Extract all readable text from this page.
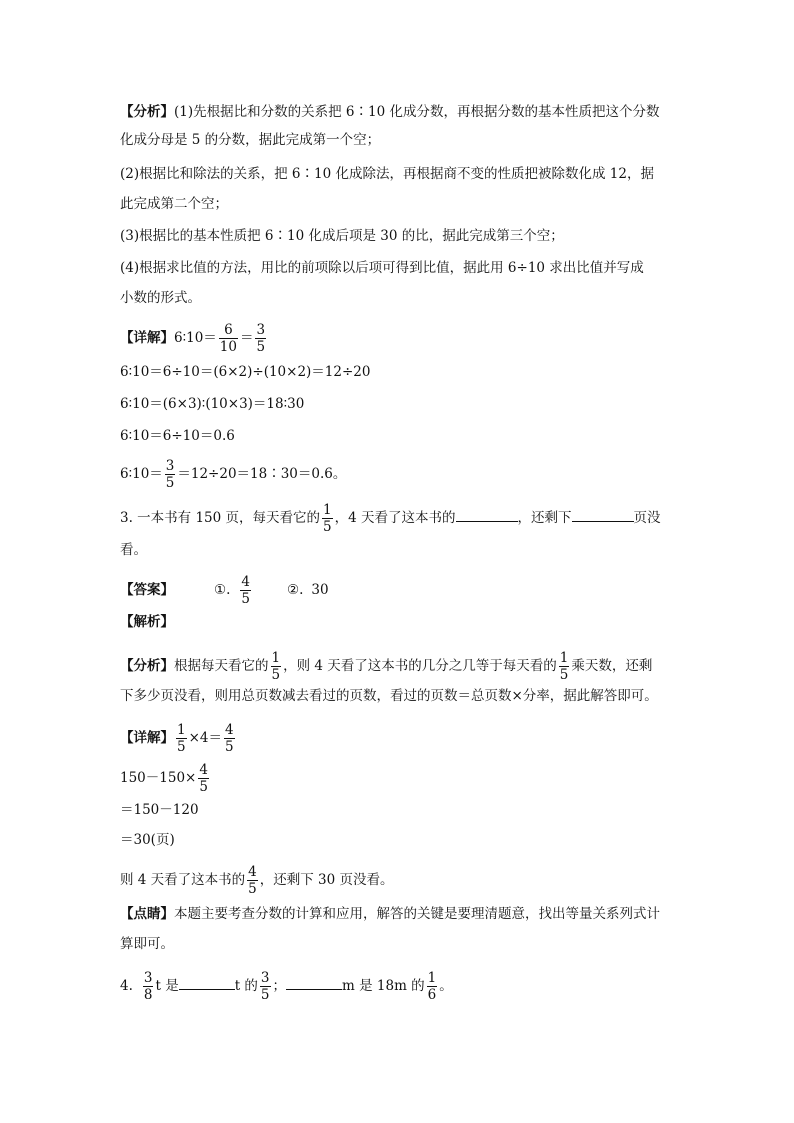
【分析】(1)先根据比和分数的关系把 6∶10 化成分数，再根据分数的基本性质把这个分数
化成分母是 5 的分数，据此完成第一个空；
(2)根据比和除法的关系，把 6∶10 化成除法，再根据商不变的性质把被除数化成 12，据
此完成第二个空；
(3)根据比的基本性质把 6∶10 化成后项是 30 的比，据此完成第三个空；
(4)根据求比值的方法，用比的前项除以后项可得到比值，据此用 6÷10 求出比值并写成
小数的形式。
【详解】6∶10＝ $\frac{6}{10} = \frac{3}{5}$
6∶10＝6÷10＝(6×2)÷(10×2)＝12÷20
6∶10＝(6×3)∶(10×3)＝18∶30
6∶10＝6÷10＝0.6
6∶10＝ $\frac{3}{5}$ ＝12÷20＝18∶30＝0.6。
3. 一本书有 150 页，每天看它的 $\frac{1}{5}$ ，4 天看了这本书的	，还剩下	页没
看。
【答案】	①. $\frac{4}{5}$	②. 30
【解析】
【分析】根据每天看它的 $\frac{1}{5}$ ，则 4 天看了这本书的几分之几等于每天看的 $\frac{1}{5}$ 乘天数，还剩
下多少页没看，则用总页数减去看过的页数，看过的页数＝总页数×分率，据此解答即可。
【详解】 $\frac{1}{5} \times 4= \frac{4}{5}$
$150-150\times \frac{4}{5}$
＝150－120
＝30(页)
则 4 天看了这本书的 $\frac{4}{5}$ ，还剩下 30 页没看。
【点睛】本题主要考查分数的计算和应用，解答的关键是要理清题意，找出等量关系列式计
算即可。
4. $\frac{3}{8}$ t 是	t 的 $\frac{3}{5}$ ；	m 是 18m 的 $\frac{1}{6}$ 。
